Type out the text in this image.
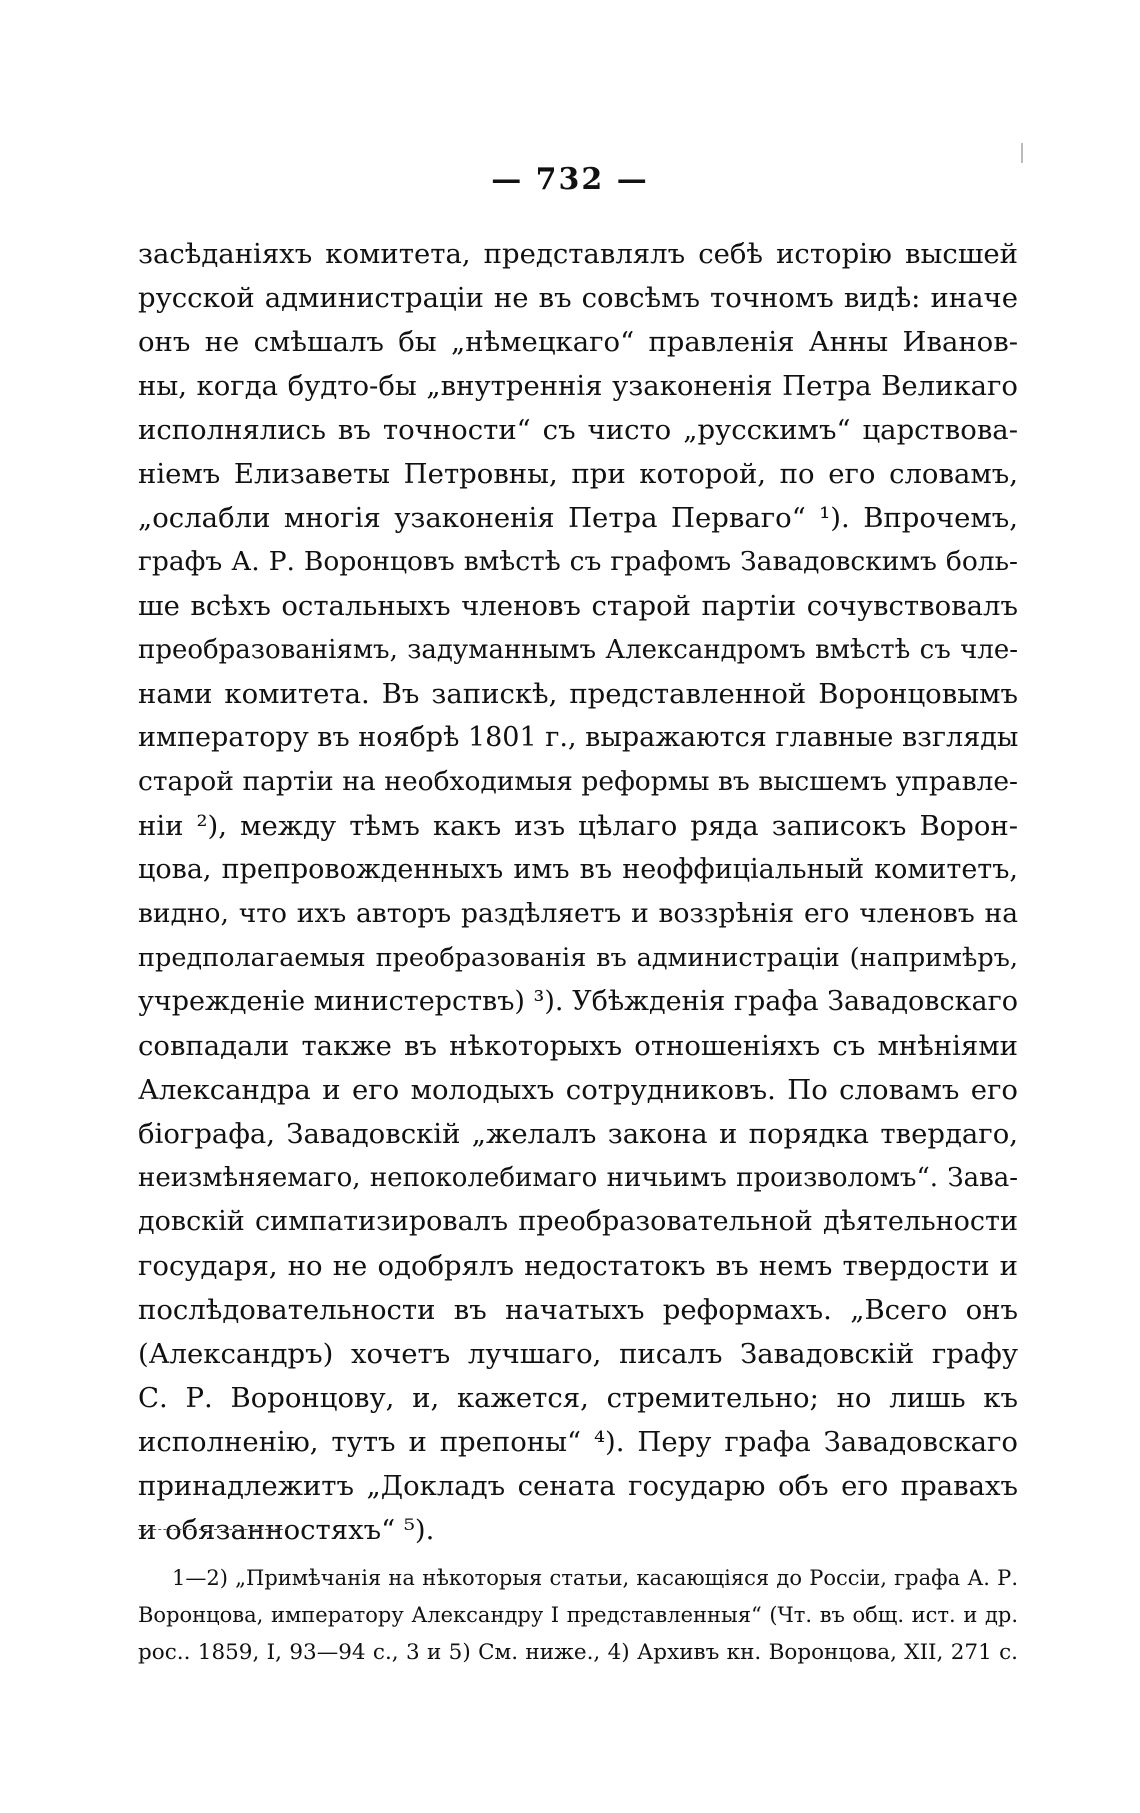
— 732 —
засѣданіяхъ комитета, представлялъ себѣ исторію высшей
русской администраціи не въ совсѣмъ точномъ видѣ: иначе
онъ не смѣшалъ бы „нѣмецкаго“ правленія Анны Иванов-
ны, когда будто-бы „внутреннія узаконенія Петра Великаго
исполнялись въ точности“ съ чисто „русскимъ“ царствова-
ніемъ Елизаветы Петровны, при которой, по его словамъ,
„ослабли многія узаконенія Петра Перваго“ ¹). Впрочемъ,
графъ А. Р. Воронцовъ вмѣстѣ съ графомъ Завадовскимъ боль-
ше всѣхъ остальныхъ членовъ старой партіи сочувствовалъ
преобразованіямъ, задуманнымъ Александромъ вмѣстѣ съ чле-
нами комитета. Въ запискѣ, представленной Воронцовымъ
императору въ ноябрѣ 1801 г., выражаются главные взгляды
старой партіи на необходимыя реформы въ высшемъ управле-
ніи ²), между тѣмъ какъ изъ цѣлаго ряда записокъ Ворон-
цова, препровожденныхъ имъ въ неоффиціальный комитетъ,
видно, что ихъ авторъ раздѣляетъ и воззрѣнія его членовъ на
предполагаемыя преобразованія въ администраціи (напримѣръ,
учрежденіе министерствъ) ³). Убѣжденія графа Завадовскаго
совпадали также въ нѣкоторыхъ отношеніяхъ съ мнѣніями
Александра и его молодыхъ сотрудниковъ. По словамъ его
біографа, Завадовскій „желалъ закона и порядка твердаго,
неизмѣняемаго, непоколебимаго ничьимъ произволомъ“. Зава-
довскій симпатизировалъ преобразовательной дѣятельности
государя, но не одобрялъ недостатокъ въ немъ твердости и
послѣдовательности въ начатыхъ реформахъ. „Всего онъ
(Александръ) хочетъ лучшаго, писалъ Завадовскій графу
С. Р. Воронцову, и, кажется, стремительно; но лишь къ
исполненію, тутъ и препоны“ ⁴). Перу графа Завадовскаго
принадлежитъ „Докладъ сената государю объ его правахъ
и обязанностяхъ“ ⁵).
1—2) „Примѣчанія на нѣкоторыя статьи, касающіяся до Россіи, графа А. Р.
Воронцова, императору Александру I представленныя“ (Чт. въ общ. ист. и др.
рос.. 1859, I, 93—94 с., 3 и 5) См. ниже., 4) Архивъ кн. Воронцова, XII, 271 с.
